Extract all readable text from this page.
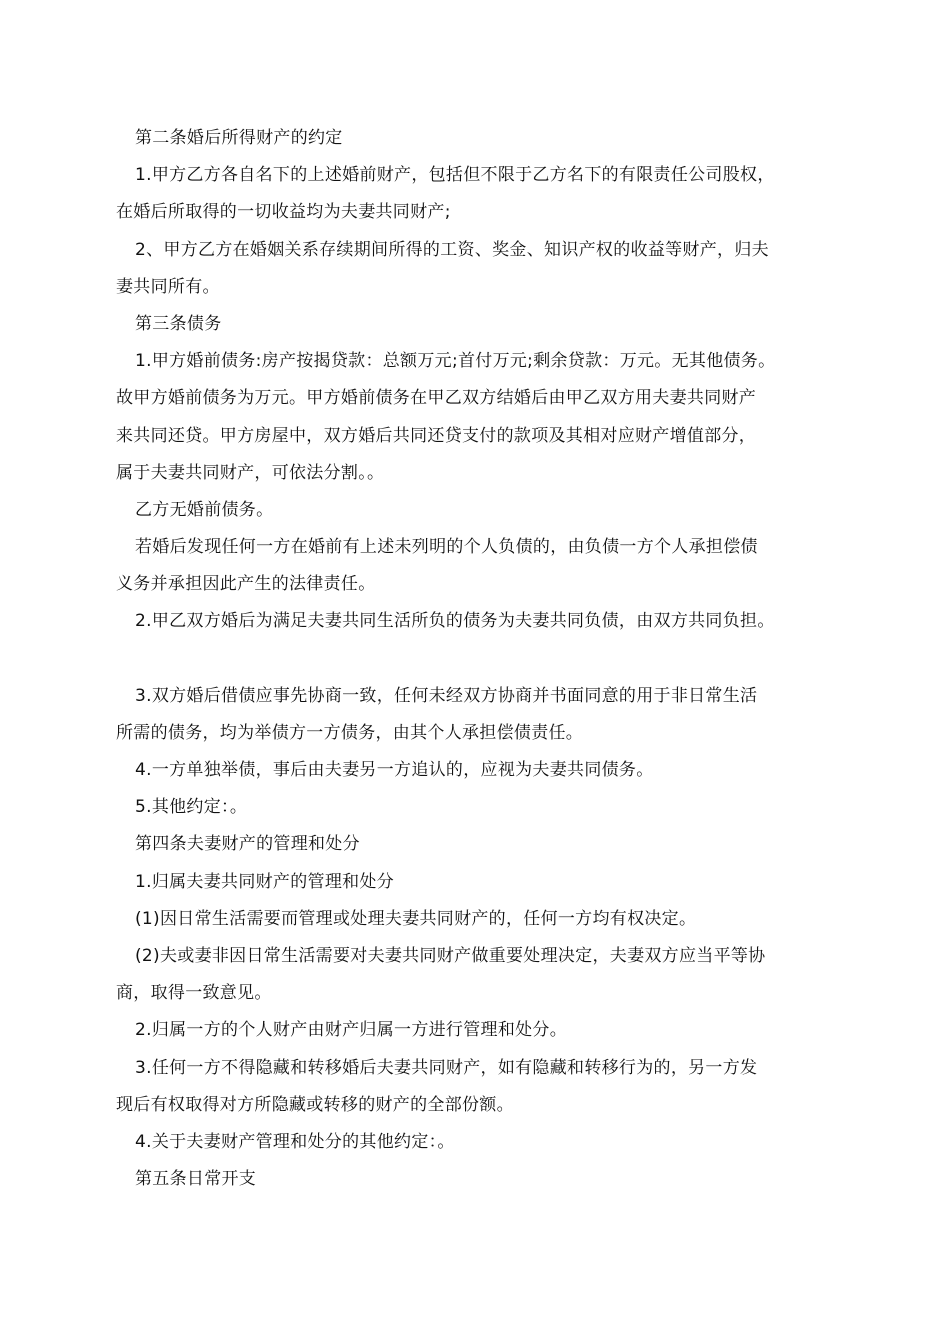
第二条婚后所得财产的约定
1.甲方乙方各自名下的上述婚前财产，包括但不限于乙方名下的有限责任公司股权，
在婚后所取得的一切收益均为夫妻共同财产;
2、甲方乙方在婚姻关系存续期间所得的工资、奖金、知识产权的收益等财产，归夫
妻共同所有。
第三条债务
1.甲方婚前债务:房产按揭贷款：总额万元;首付万元;剩余贷款：万元。无其他债务。
故甲方婚前债务为万元。甲方婚前债务在甲乙双方结婚后由甲乙双方用夫妻共同财产
来共同还贷。甲方房屋中，双方婚后共同还贷支付的款项及其相对应财产增值部分，
属于夫妻共同财产，可依法分割。。
乙方无婚前债务。
若婚后发现任何一方在婚前有上述未列明的个人负债的，由负债一方个人承担偿债
义务并承担因此产生的法律责任。
2.甲乙双方婚后为满足夫妻共同生活所负的债务为夫妻共同负债，由双方共同负担。
3.双方婚后借债应事先协商一致，任何未经双方协商并书面同意的用于非日常生活
所需的债务，均为举债方一方债务，由其个人承担偿债责任。
4.一方单独举债，事后由夫妻另一方追认的，应视为夫妻共同债务。
5.其他约定：。
第四条夫妻财产的管理和处分
1.归属夫妻共同财产的管理和处分
(1)因日常生活需要而管理或处理夫妻共同财产的，任何一方均有权决定。
(2)夫或妻非因日常生活需要对夫妻共同财产做重要处理决定，夫妻双方应当平等协
商，取得一致意见。
2.归属一方的个人财产由财产归属一方进行管理和处分。
3.任何一方不得隐藏和转移婚后夫妻共同财产，如有隐藏和转移行为的，另一方发
现后有权取得对方所隐藏或转移的财产的全部份额。
4.关于夫妻财产管理和处分的其他约定：。
第五条日常开支
